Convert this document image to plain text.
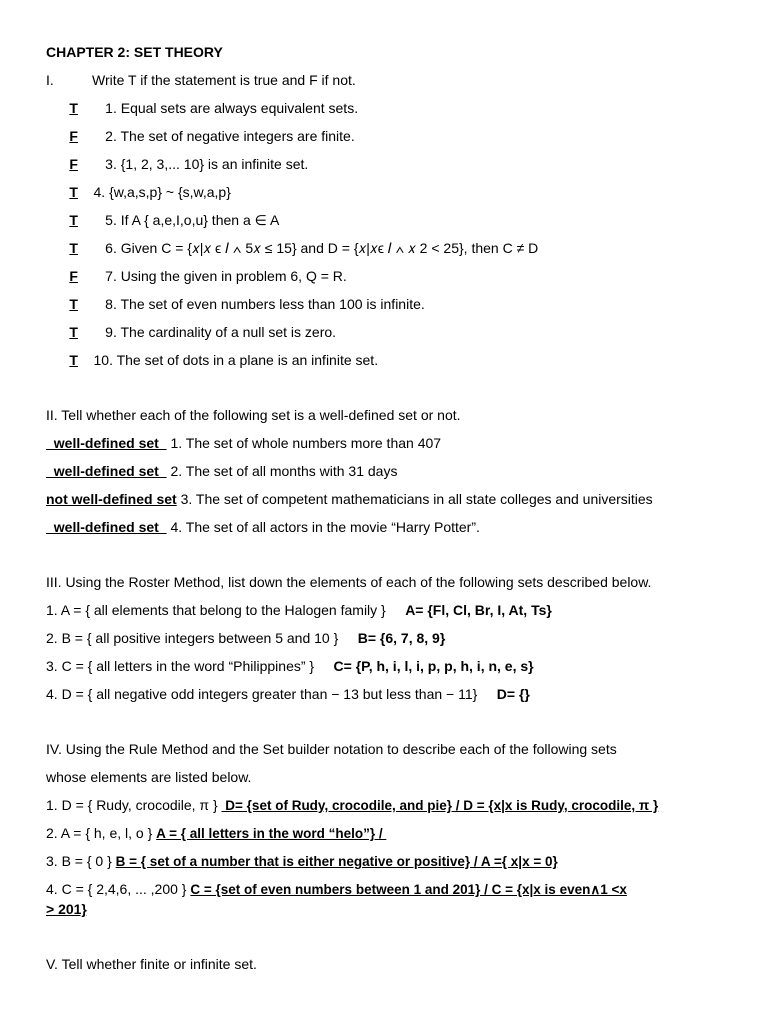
CHAPTER 2: SET THEORY
I.	Write T if the statement is true and F if not.
T 1. Equal sets are always equivalent sets.
F 2. The set of negative integers are finite.
F 3. {1, 2, 3,... 10} is an infinite set.
T 4. {w,a,s,p} ~ {s,w,a,p}
T 5. If A { a,e,I,o,u} then a ∈ A
T 6. Given C = {𝑥|𝑥 ϵ 𝐼 ∧ 5𝑥 ≤ 15} and D = {𝑥|𝑥ϵ 𝐼 ∧ 𝑥 2 < 25}, then C ≠ D
F 7. Using the given in problem 6, Q = R.
T 8. The set of even numbers less than 100 is infinite.
T 9. The cardinality of a null set is zero.
T 10. The set of dots in a plane is an infinite set.
II. Tell whether each of the following set is a well-defined set or not.
well-defined set   1. The set of whole numbers more than 407
well-defined set   2. The set of all months with 31 days
not well-defined set 3. The set of competent mathematicians in all state colleges and universities
well-defined set   4. The set of all actors in the movie “Harry Potter”.
III. Using the Roster Method, list down the elements of each of the following sets described below.
1. A = { all elements that belong to the Halogen family } A= {Fl, Cl, Br, I, At, Ts}
2. B = { all positive integers between 5 and 10 } B= {6, 7, 8, 9}
3. C = { all letters in the word “Philippines” } C= {P, h, i, l, i, p, p, h, i, n, e, s}
4. D = { all negative odd integers greater than − 13 but less than − 11} D= {}
IV. Using the Rule Method and the Set builder notation to describe each of the following sets
whose elements are listed below.
1. D = { Rudy, crocodile, π }  D= {set of Rudy, crocodile, and pie} / D = {x|x is Rudy, crocodile, π }
2. A = { h, e, l, o } A = { all letters in the word “helo”} /
3. B = { 0 } B = { set of a number that is either negative or positive} / A ={ x|x = 0}
4. C = { 2,4,6, ... ,200 } C = {set of even numbers between 1 and 201} / C = {x|x is even∧1 <x
> 201}
V. Tell whether finite or infinite set.
